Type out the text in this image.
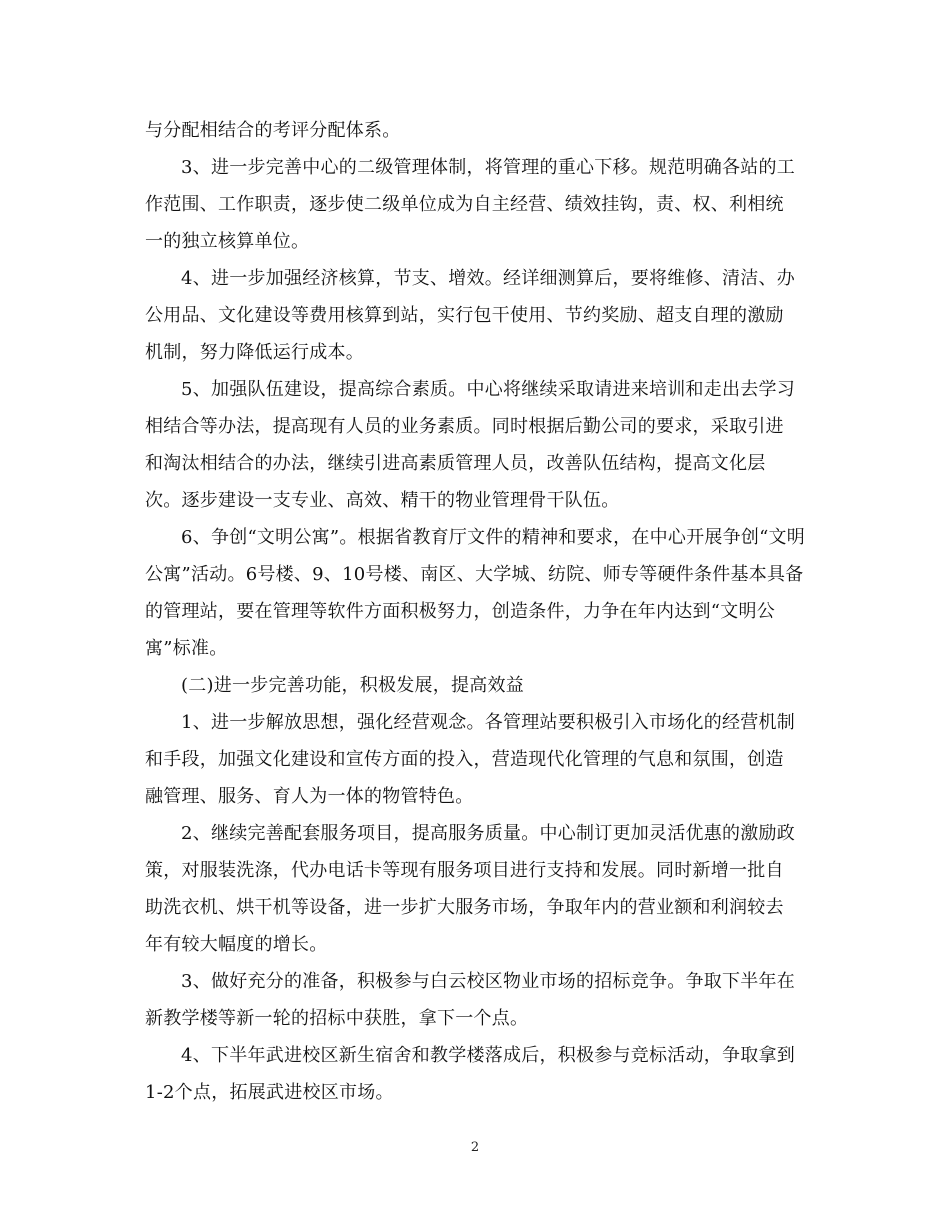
与分配相结合的考评分配体系。
3、进一步完善中心的二级管理体制，将管理的重心下移。规范明确各站的工
作范围、工作职责，逐步使二级单位成为自主经营、绩效挂钩，责、权、利相统
一的独立核算单位。
4、进一步加强经济核算，节支、增效。经详细测算后，要将维修、清洁、办
公用品、文化建设等费用核算到站，实行包干使用、节约奖励、超支自理的激励
机制，努力降低运行成本。
5、加强队伍建设，提高综合素质。中心将继续采取请进来培训和走出去学习
相结合等办法，提高现有人员的业务素质。同时根据后勤公司的要求，采取引进
和淘汰相结合的办法，继续引进高素质管理人员，改善队伍结构，提高文化层
次。逐步建设一支专业、高效、精干的物业管理骨干队伍。
6、争创“文明公寓”。根据省教育厅文件的精神和要求，在中心开展争创“文明
公寓”活动。6号楼、9、10号楼、南区、大学城、纺院、师专等硬件条件基本具备
的管理站，要在管理等软件方面积极努力，创造条件，力争在年内达到“文明公
寓”标准。
(二)进一步完善功能，积极发展，提高效益
1、进一步解放思想，强化经营观念。各管理站要积极引入市场化的经营机制
和手段，加强文化建设和宣传方面的投入，营造现代化管理的气息和氛围，创造
融管理、服务、育人为一体的物管特色。
2、继续完善配套服务项目，提高服务质量。中心制订更加灵活优惠的激励政
策，对服装洗涤，代办电话卡等现有服务项目进行支持和发展。同时新增一批自
助洗衣机、烘干机等设备，进一步扩大服务市场，争取年内的营业额和利润较去
年有较大幅度的增长。
3、做好充分的准备，积极参与白云校区物业市场的招标竞争。争取下半年在
新教学楼等新一轮的招标中获胜，拿下一个点。
4、下半年武进校区新生宿舍和教学楼落成后，积极参与竞标活动，争取拿到
1-2个点，拓展武进校区市场。
2
